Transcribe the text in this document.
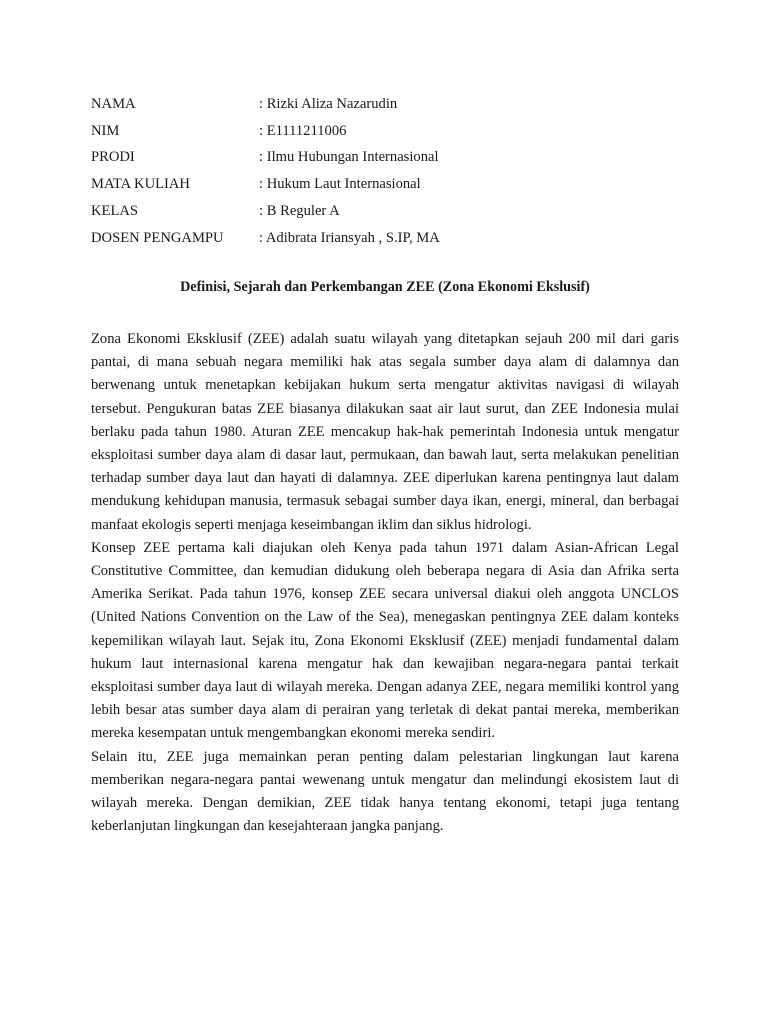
NAMA	: Rizki Aliza Nazarudin
NIM	: E1111211006
PRODI	: Ilmu Hubungan Internasional
MATA KULIAH	: Hukum Laut Internasional
KELAS	: B Reguler A
DOSEN PENGAMPU	: Adibrata Iriansyah , S.IP, MA
Definisi, Sejarah dan Perkembangan ZEE (Zona Ekonomi Ekslusif)

Zona Ekonomi Eksklusif (ZEE) adalah suatu wilayah yang ditetapkan sejauh 200 mil dari garis pantai, di mana sebuah negara memiliki hak atas segala sumber daya alam di dalamnya dan berwenang untuk menetapkan kebijakan hukum serta mengatur aktivitas navigasi di wilayah tersebut. Pengukuran batas ZEE biasanya dilakukan saat air laut surut, dan ZEE Indonesia mulai berlaku pada tahun 1980. Aturan ZEE mencakup hak-hak pemerintah Indonesia untuk mengatur eksploitasi sumber daya alam di dasar laut, permukaan, dan bawah laut, serta melakukan penelitian terhadap sumber daya laut dan hayati di dalamnya. ZEE diperlukan karena pentingnya laut dalam mendukung kehidupan manusia, termasuk sebagai sumber daya ikan, energi, mineral, dan berbagai manfaat ekologis seperti menjaga keseimbangan iklim dan siklus hidrologi.

Konsep ZEE pertama kali diajukan oleh Kenya pada tahun 1971 dalam Asian-African Legal Constitutive Committee, dan kemudian didukung oleh beberapa negara di Asia dan Afrika serta Amerika Serikat. Pada tahun 1976, konsep ZEE secara universal diakui oleh anggota UNCLOS (United Nations Convention on the Law of the Sea), menegaskan pentingnya ZEE dalam konteks kepemilikan wilayah laut. Sejak itu, Zona Ekonomi Eksklusif (ZEE) menjadi fundamental dalam hukum laut internasional karena mengatur hak dan kewajiban negara-negara pantai terkait eksploitasi sumber daya laut di wilayah mereka. Dengan adanya ZEE, negara memiliki kontrol yang lebih besar atas sumber daya alam di perairan yang terletak di dekat pantai mereka, memberikan mereka kesempatan untuk mengembangkan ekonomi mereka sendiri.

Selain itu, ZEE juga memainkan peran penting dalam pelestarian lingkungan laut karena memberikan negara-negara pantai wewenang untuk mengatur dan melindungi ekosistem laut di wilayah mereka. Dengan demikian, ZEE tidak hanya tentang ekonomi, tetapi juga tentang keberlanjutan lingkungan dan kesejahteraan jangka panjang.
